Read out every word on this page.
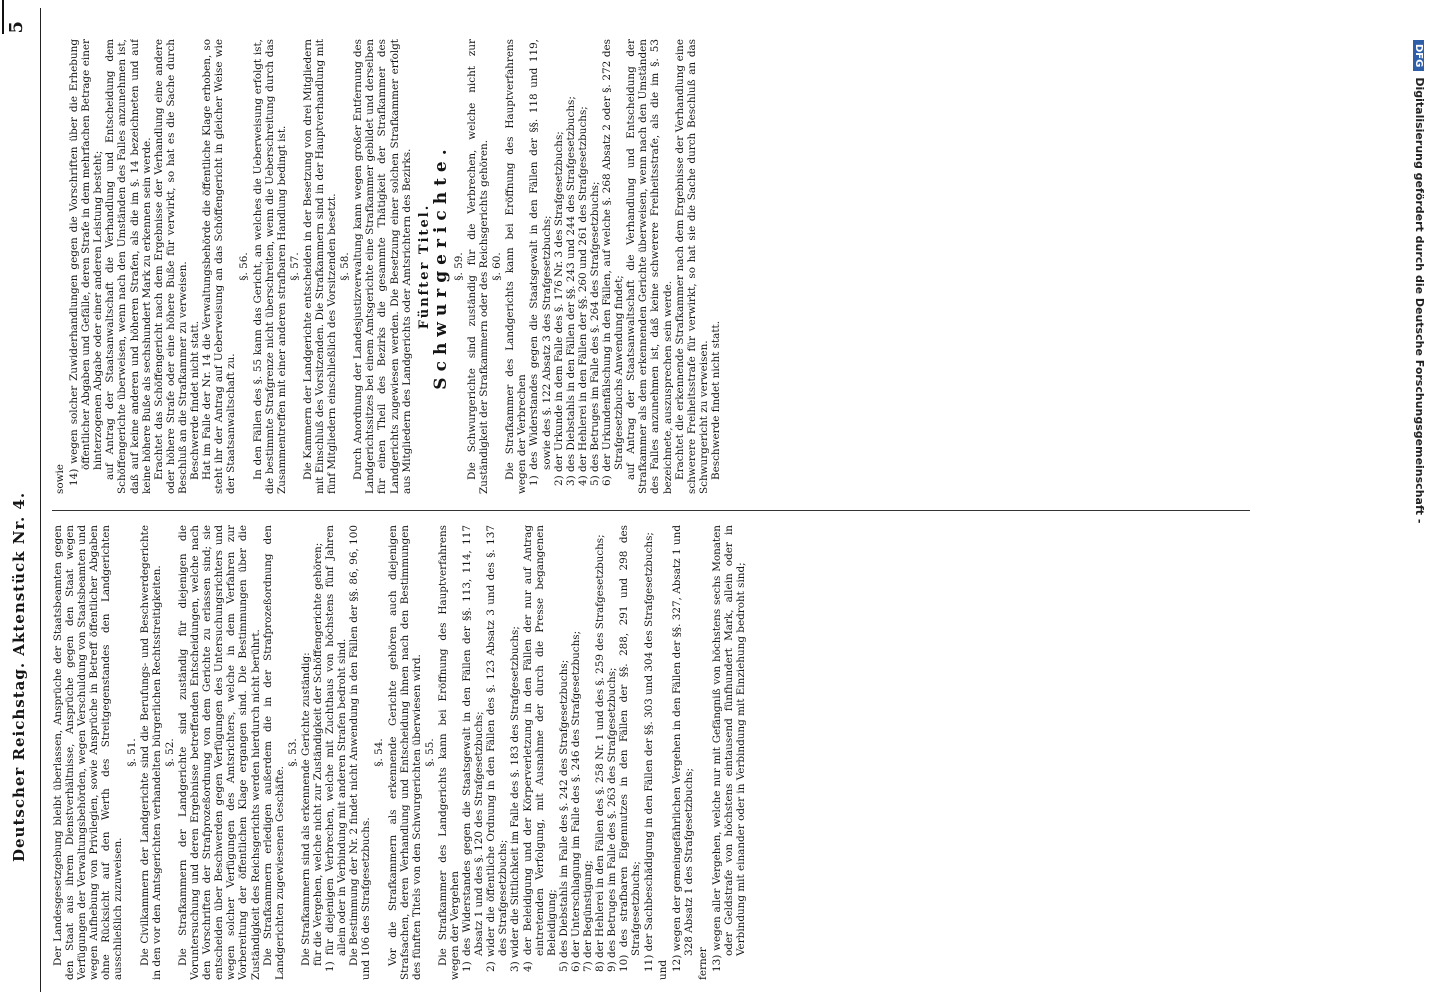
Deutscher Reichstag. Aktenstück Nr. 4.
5

Der Landesgesetzgebung bleibt überlassen, Ansprüche der Staatsbeamten gegen den Staat aus ihrem Dienstverhältnisse, Ansprüche gegen den Staat wegen Verfügungen der Verwaltungsbehörden, wegen Verschuldung von Staatsbeamten und wegen Aufhebung von Privilegien, sowie Ansprüche in Betreff öffentlicher Abgaben ohne Rücksicht auf den Werth des Streitgegenstandes den Landgerichten ausschließlich zuzuweisen.

§. 51. Die Civilkammern der Landgerichte sind die Berufungs- und Beschwerdegerichte in den vor den Amtsgerichten verhandelten bürgerlichen Rechtsstreitigkeiten. §. 52. Die Strafkammern der Landgerichte sind zuständig für diejenigen die Voruntersuchung und deren Ergebnisse betreffenden Entscheidungen, welche nach den Vorschriften der Strafprozeßordnung von dem Gerichte zu erlassen sind; sie entscheiden über Beschwerden gegen Verfügungen des Untersuchungsrichters und wegen solcher Verfügungen des Amtsrichters, welche in dem Verfahren zur Vorbereitung der öffentlichen Klage ergangen sind. Die Bestimmungen über die Zuständigkeit des Reichsgerichts werden hierdurch nicht berührt. Die Strafkammern erledigen außerdem die in der Strafprozeßordnung den Landgerichten zugewiesenen Geschäfte.

§. 53. Die Strafkammern sind als erkennende Gerichte zuständig: für die Vergehen, welche nicht zur Zuständigkeit der Schöffengerichte gehören; 1) für diejenigen Verbrechen, welche mit Zuchthaus von höchstens fünf Jahren allein oder in Verbindung mit anderen Strafen bedroht sind. Die Bestimmung der Nr. 2 findet nicht Anwendung in den Fällen der §§. 86, 96, 100 und 106 des Strafgesetzbuchs.

§. 54. Vor die Strafkammern als erkennende Gerichte gehören auch diejenigen Strafsachen, deren Verhandlung und Entscheidung ihnen nach den Bestimmungen des fünften Titels von den Schwurgerichten überwiesen wird. §. 55. Die Strafkammer des Landgerichts kann bei Eröffnung des Hauptverfahrens wegen der Vergehen 1) des Widerstandes gegen die Staatsgewalt in den Fällen der §§. 113, 114, 117 Absatz 1 und des §. 120 des Strafgesetzbuchs; 2) wider die öffentliche Ordnung in den Fällen des §. 123 Absatz 3 und des §. 137 des Strafgesetzbuchs; 3) wider die Sittlichkeit im Falle des §. 183 des Strafgesetzbuchs; 4) der Beleidigung und der Körperverletzung in den Fällen der nur auf Antrag eintretenden Verfolgung, mit Ausnahme der durch die Presse begangenen Beleidigung; 5) des Diebstahls im Falle des §. 242 des Strafgesetzbuchs; 6) der Unterschlagung im Falle des §. 246 des Strafgesetzbuchs; 7) der Begünstigung; 8) der Hehlerei in den Fällen des §. 258 Nr. 1 und des §. 259 des Strafgesetzbuchs; 9) des Betruges im Falle des §. 263 des Strafgesetzbuchs; 10) des strafbaren Eigennutzes in den Fällen der §§. 288, 291 und 298 des Strafgesetzbuchs; 11) der Sachbeschädigung in den Fällen der §§. 303 und 304 des Strafgesetzbuchs; und 12) wegen der gemeingefährlichen Vergehen in den Fällen der §§. 327, Absatz 1 und 328 Absatz 1 des Strafgesetzbuchs;

ferner 13) wegen aller Vergehen, welche nur mit Gefängniß von höchstens sechs Monaten oder Geldstrafe von höchstens eintausend fünfhundert Mark, allein oder in Verbindung mit einander oder in Verbindung mit Einziehung bedroht sind;

sowie 14) wegen solcher Zuwiderhandlungen gegen die Vorschriften über die Erhebung öffentlicher Abgaben und Gefälle, deren Strafe in dem mehrfachen Betrage einer hinterzogenen Abgabe oder einer anderen Leistung besteht; auf Antrag der Staatsanwaltschaft die Verhandlung und Entscheidung dem Schöffengerichte überweisen, wenn nach den Umständen des Falles anzunehmen ist, daß auf keine anderen und höheren Strafen, als die im §. 14 bezeichneten und auf keine höhere Buße als sechshundert Mark zu erkennen sein werde. Erachtet das Schöffengericht nach dem Ergebnisse der Verhandlung eine andere oder höhere Strafe oder eine höhere Buße für verwirkt, so hat es die Sache durch Beschluß an die Strafkammer zu verweisen. Beschwerde findet nicht statt. Hat im Falle der Nr. 14 die Verwaltungsbehörde die öffentliche Klage erhoben, so steht ihr der Antrag auf Ueberweisung an das Schöffengericht in gleicher Weise wie der Staatsanwaltschaft zu.

§. 56. In den Fällen des §. 55 kann das Gericht, an welches die Ueberweisung erfolgt ist, die bestimmte Strafgrenze nicht überschreiten, wenn die Ueberschreitung durch das Zusammentreffen mit einer anderen strafbaren Handlung bedingt ist. §. 57. Die Kammern der Landgerichte entscheiden in der Besetzung von drei Mitgliedern mit Einschluß des Vorsitzenden. Die Strafkammern sind in der Hauptverhandlung mit fünf Mitgliedern einschließlich des Vorsitzenden besetzt. §. 58. Durch Anordnung der Landesjustizverwaltung kann wegen großer Entfernung des Landgerichtssitzes bei einem Amtsgerichte eine Strafkammer gebildet und derselben für einen Theil des Bezirks die gesammte Thätigkeit der Strafkammer des Landgerichts zugewiesen werden. Die Besetzung einer solchen Strafkammer erfolgt aus Mitgliedern des Landgerichts oder Amtsrichtern des Bezirks. Fünfter Titel. Schwurgerichte. §. 59. Die Schwurgerichte sind zuständig für die Verbrechen, welche nicht zur Zuständigkeit der Strafkammern oder des Reichsgerichts gehören. §. 60. Die Strafkammer des Landgerichts kann bei Eröffnung des Hauptverfahrens wegen der Verbrechen 1) des Widerstandes gegen die Staatsgewalt in den Fällen der §§. 118 und 119, sowie des §. 122 Absatz 3 des Strafgesetzbuchs; 2) der Urkunde in dem Falle des §. 176 Nr. 3 des Strafgesetzbuchs; 3) des Diebstahls in den Fällen der §§. 243 und 244 des Strafgesetzbuchs; 4) der Hehlerei in den Fällen der §§. 260 und 261 des Strafgesetzbuchs; 5) des Betruges im Falle des §. 264 des Strafgesetzbuchs; 6) der Urkundenfälschung in den Fällen, auf welche §. 268 Absatz 2 oder §. 272 des Strafgesetzbuchs Anwendung findet; auf Antrag der Staatsanwaltschaft die Verhandlung und Entscheidung der Strafkammer als dem erkennenden Gerichte überweisen, wenn nach den Umständen des Falles anzunehmen ist, daß keine schwerere Freiheitsstrafe, als die im §. 53 bezeichnete, auszusprechen sein werde. Erachtet die erkennende Strafkammer nach dem Ergebnisse der Verhandlung eine schwerere Freiheitsstrafe für verwirkt, so hat sie die Sache durch Beschluß an das Schwurgericht zu verweisen. Beschwerde findet nicht statt.

DFGDigitalisierung gefördert durch die Deutsche Forschungsgemeinschaft -
